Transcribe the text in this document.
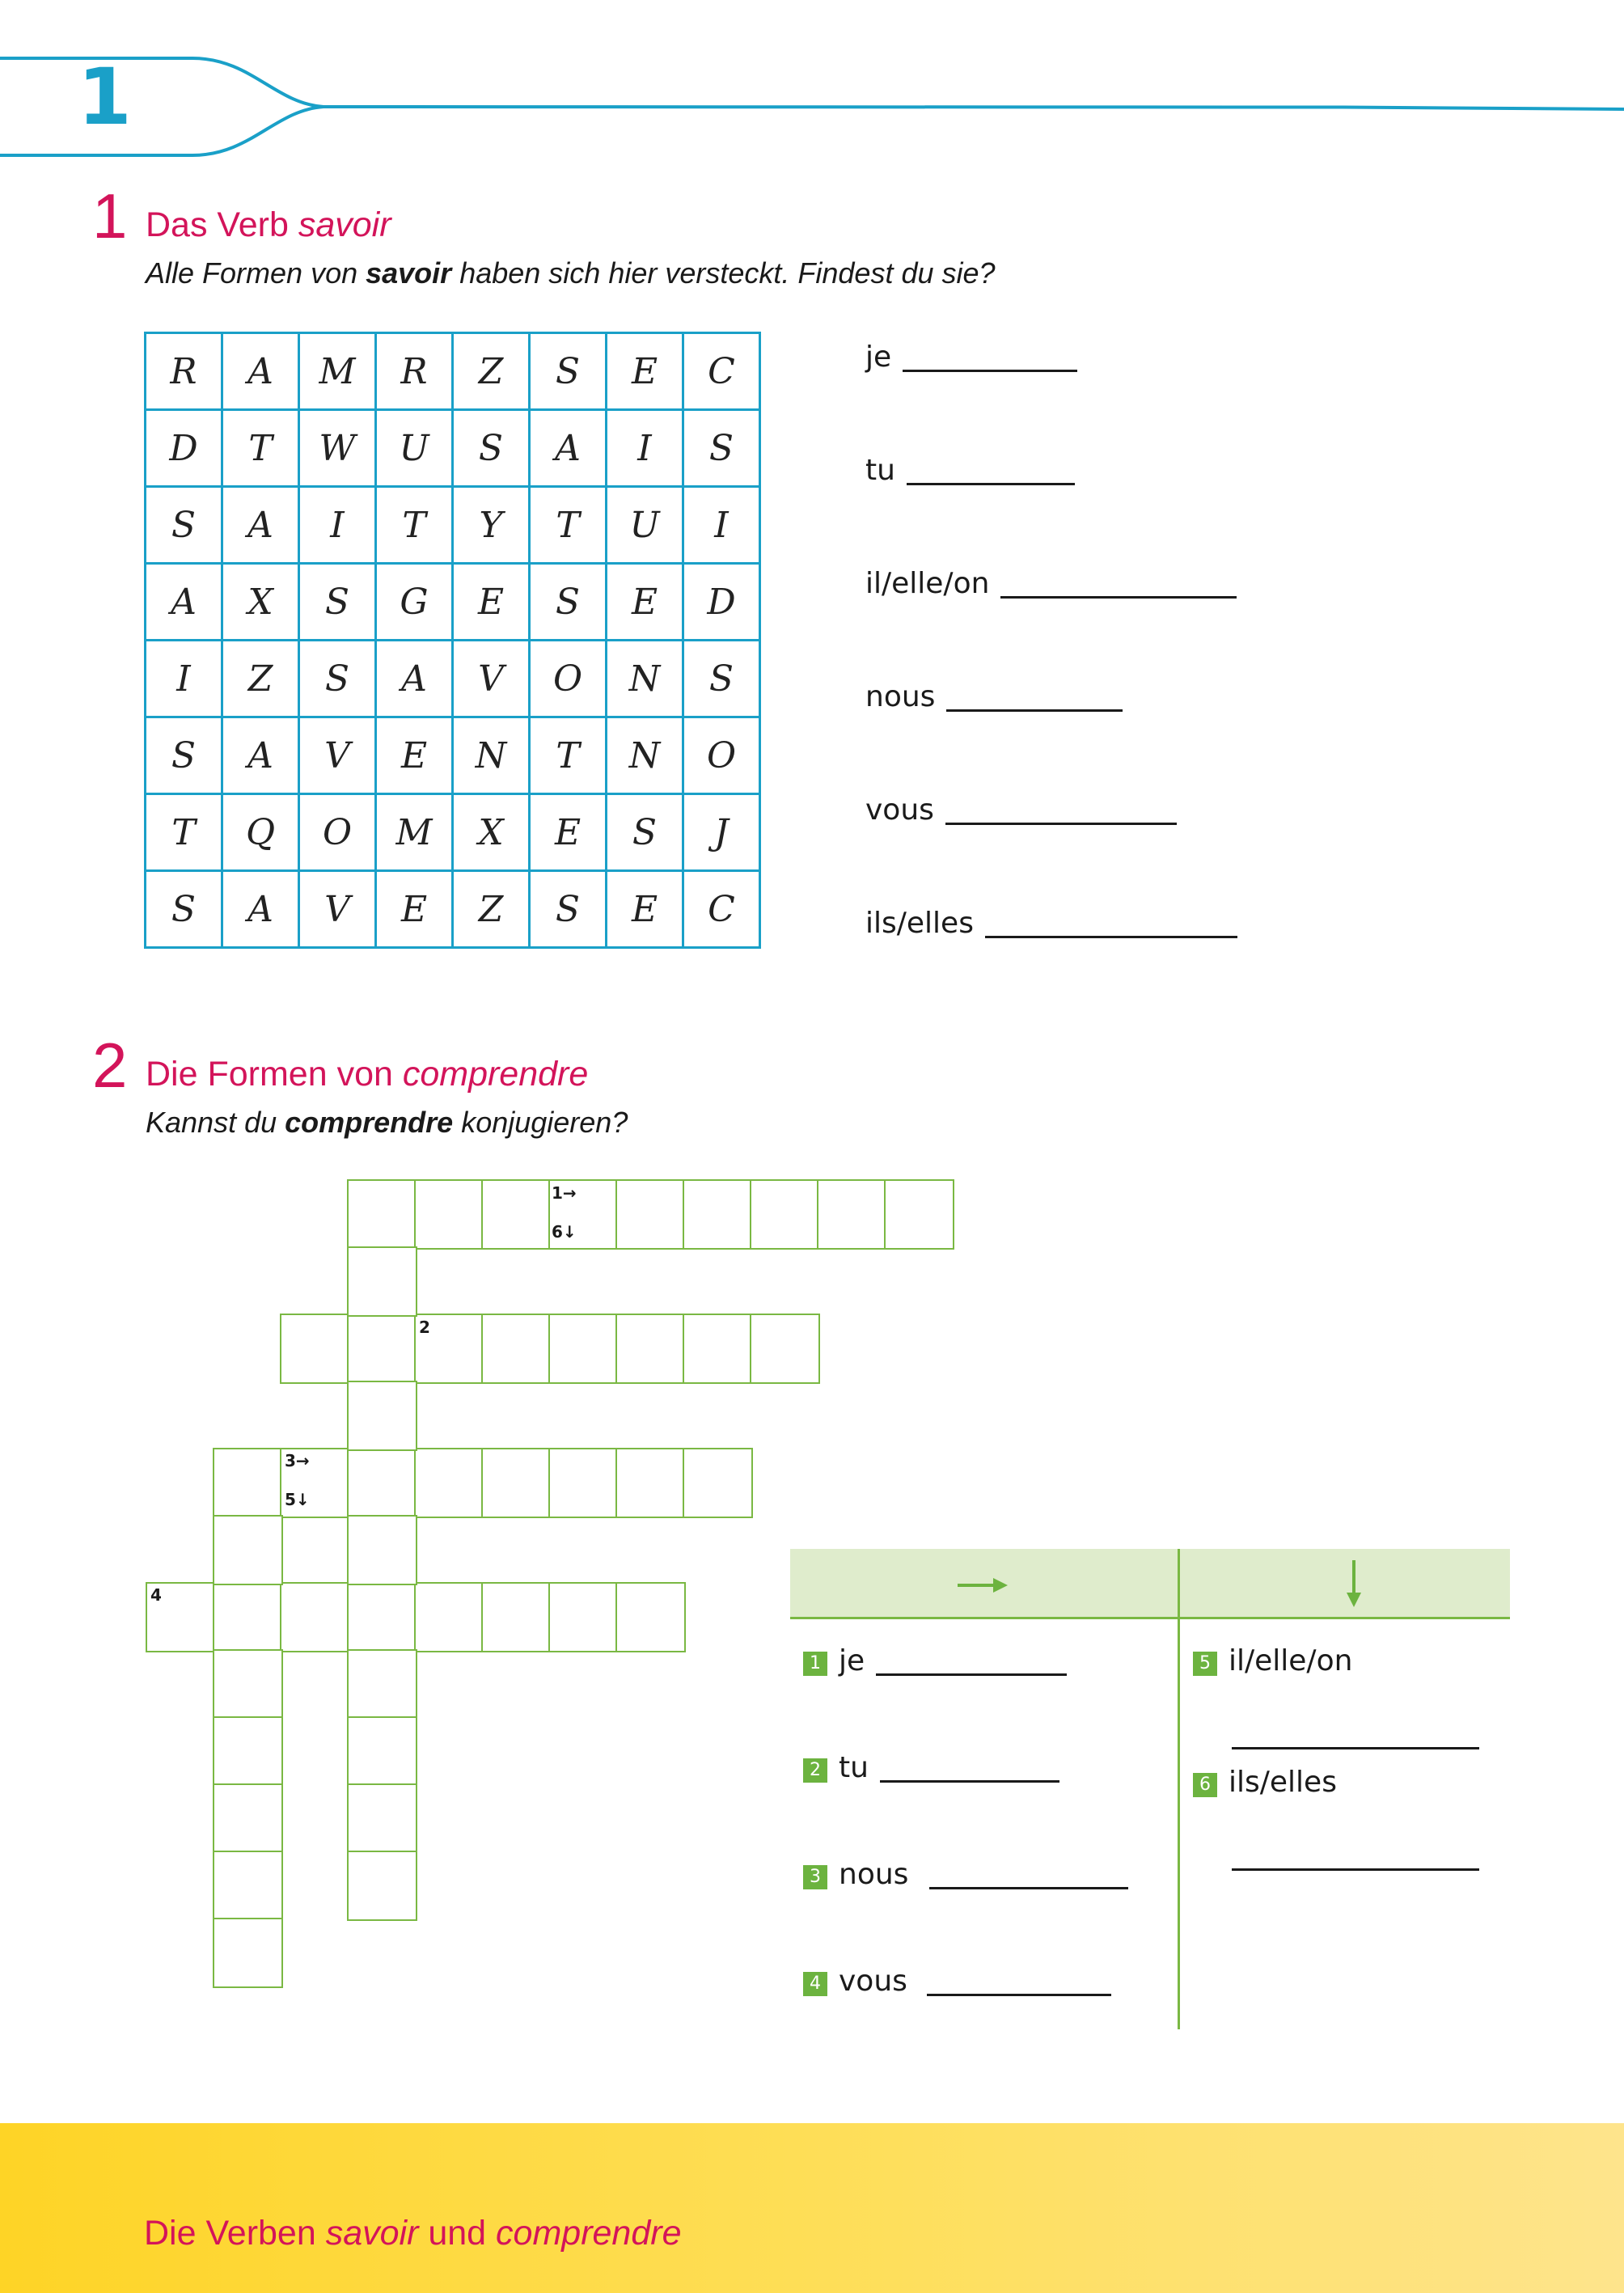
1
1 Das Verb savoir
Alle Formen von savoir haben sich hier versteckt. Findest du sie?
R	A	M	R	Z	S	E	C
D	T	W	U	S	A	I	S
S	A	I	T	Y	T	U	I
A	X	S	G	E	S	E	D
I	Z	S	A	V	O	N	S
S	A	V	E	N	T	N	O
T	Q	O	M	X	E	S	J
S	A	V	E	Z	S	E	C
je
tu
il/elle/on
nous
vous
ils/elles
2 Die Formen von comprendre
Kannst du comprendre konjugieren?
1→
6↓
2
3→
5↓
4
1 je
2 tu
3 nous
4 vous
5 il/elle/on
6 ils/elles
Die Verben savoir und comprendre
